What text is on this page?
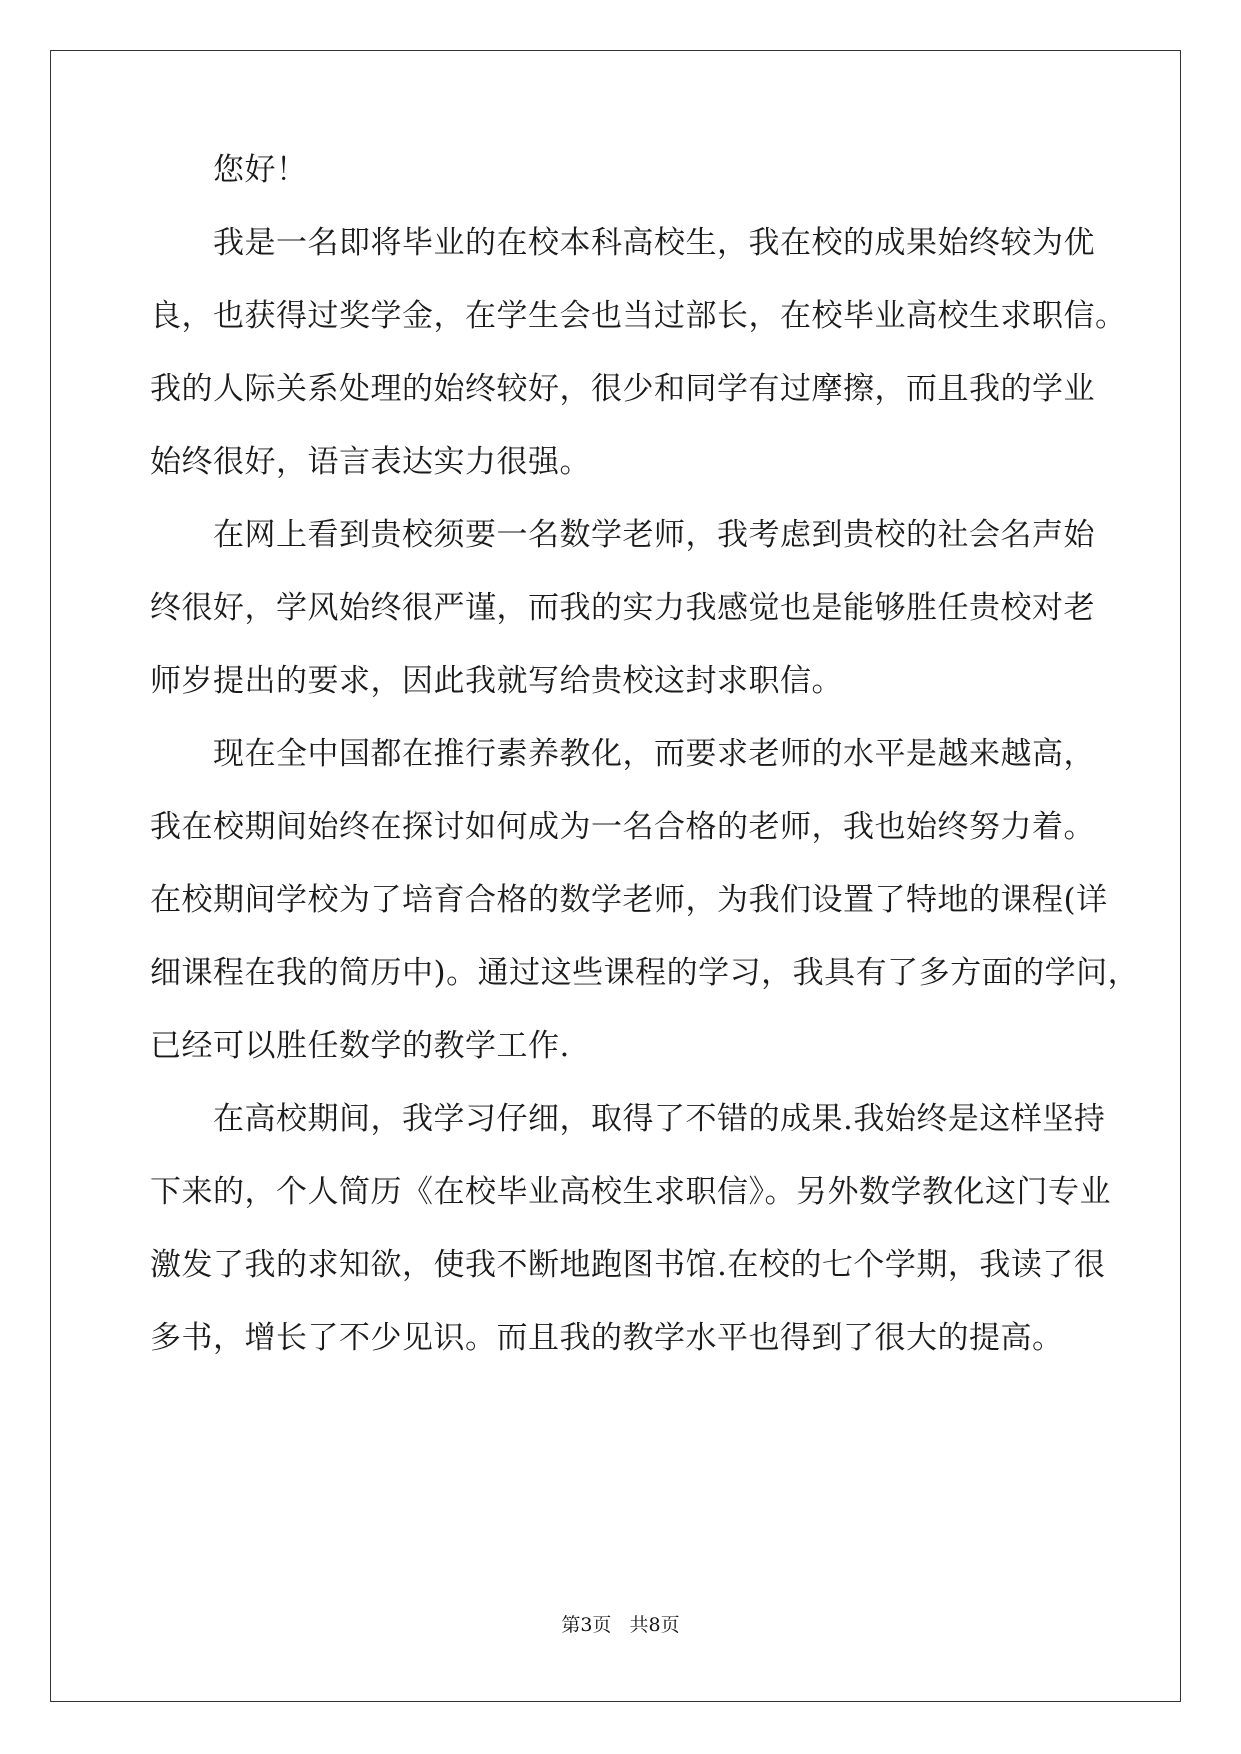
您好！
我是一名即将毕业的在校本科高校生，我在校的成果始终较为优
良，也获得过奖学金，在学生会也当过部长，在校毕业高校生求职信。
我的人际关系处理的始终较好，很少和同学有过摩擦，而且我的学业
始终很好，语言表达实力很强。
在网上看到贵校须要一名数学老师，我考虑到贵校的社会名声始
终很好，学风始终很严谨，而我的实力我感觉也是能够胜任贵校对老
师岁提出的要求，因此我就写给贵校这封求职信。
现在全中国都在推行素养教化，而要求老师的水平是越来越高，
我在校期间始终在探讨如何成为一名合格的老师，我也始终努力着。
在校期间学校为了培育合格的数学老师，为我们设置了特地的课程(详
细课程在我的简历中)。通过这些课程的学习，我具有了多方面的学问，
已经可以胜任数学的教学工作.
在高校期间，我学习仔细，取得了不错的成果.我始终是这样坚持
下来的，个人简历《在校毕业高校生求职信》。另外数学教化这门专业
激发了我的求知欲，使我不断地跑图书馆.在校的七个学期，我读了很
多书，增长了不少见识。而且我的教学水平也得到了很大的提高。
第3页   共8页
